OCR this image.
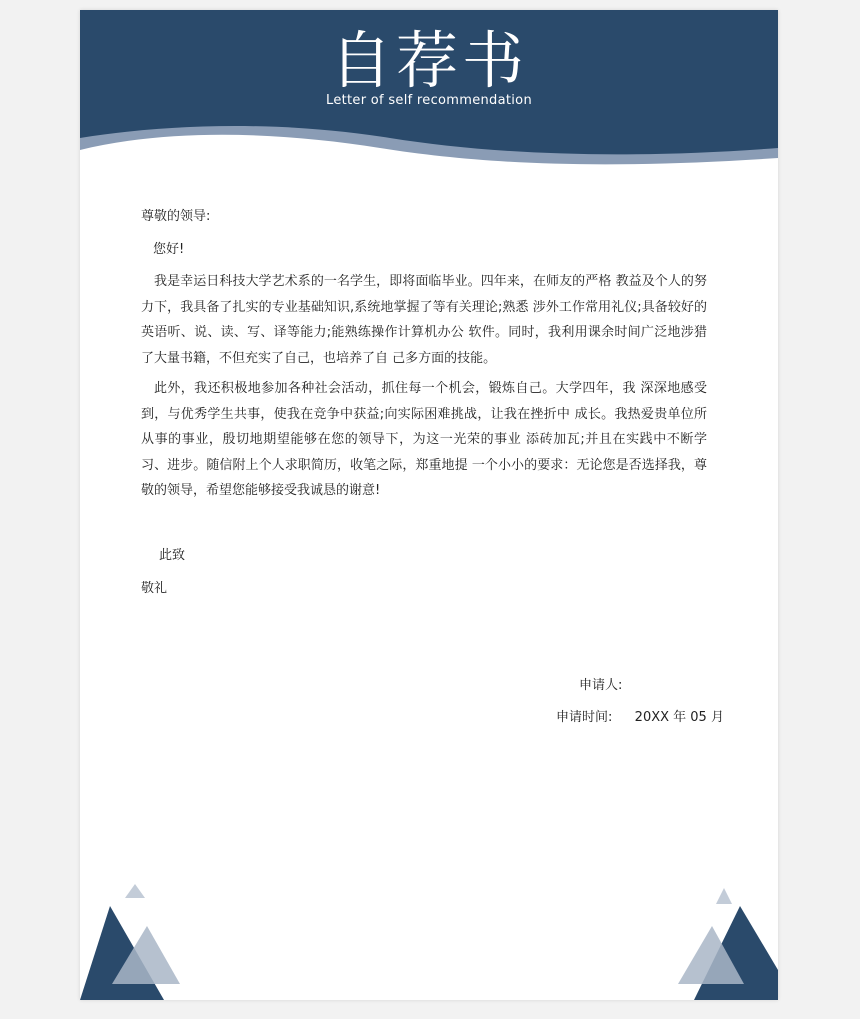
自荐书
Letter of self recommendation
尊敬的领导:
您好!

我是幸运日科技大学艺术系的一名学生，即将面临毕业。四年来，在师友的严格 教益及个人的努力下，我具备了扎实的专业基础知识,系统地掌握了等有关理论;熟悉 涉外工作常用礼仪;具备较好的英语听、说、读、写、译等能力;能熟练操作计算机办公 软件。同时，我利用课余时间广泛地涉猎了大量书籍，不但充实了自己，也培养了自 己多方面的技能。

此外，我还积极地参加各种社会活动，抓住每一个机会，锻炼自己。大学四年，我 深深地感受到，与优秀学生共事，使我在竞争中获益;向实际困难挑战，让我在挫折中 成长。我热爱贵单位所从事的事业，殷切地期望能够在您的领导下，为这一光荣的事业 添砖加瓦;并且在实践中不断学习、进步。随信附上个人求职简历，收笔之际，郑重地提 一个小小的要求：无论您是否选择我，尊敬的领导，希望您能够接受我诚恳的谢意!

此致
敬礼
申请人:
申请时间: 20XX 年 05 月
